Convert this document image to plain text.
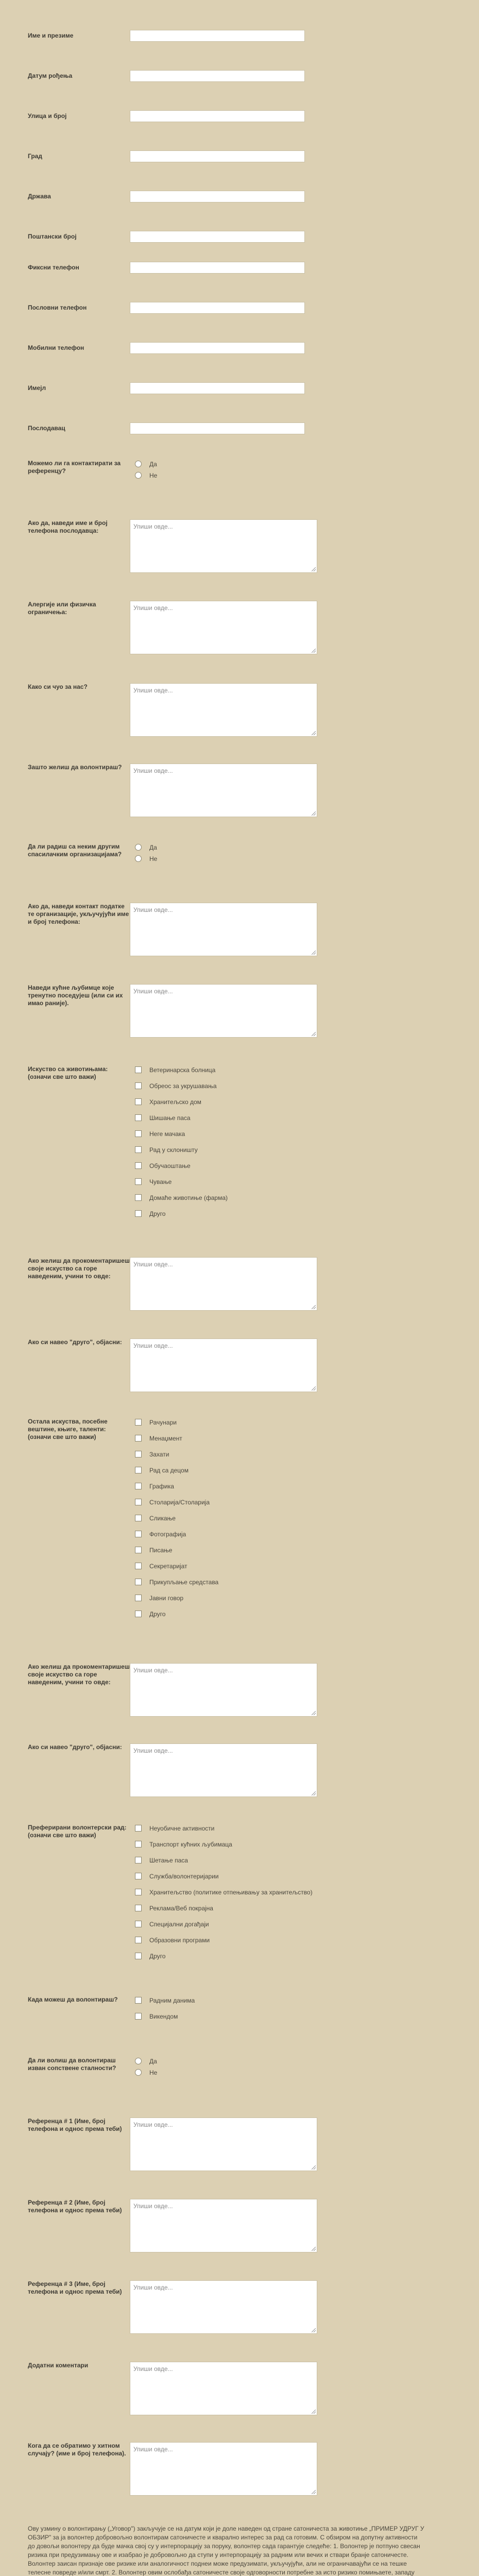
Име и презиме
Датум рођења
Улица и број
Град
Држава
Поштански број
Фиксни телефон
Пословни телефон
Мобилни телефон
Имејл
Послодавац
Можемо ли га контактирати за референцу?
Да
Не
Ако да, наведи име и број телефона послодавца:
Упиши овде...
Алергије или физичка ограничења:
Упиши овде...
Како си чуо за нас?	Упиши овде...
Зашто желиш да волонтираш?	Упиши овде...
Да ли радиш са неким другим спасилачким организацијама?
Да
Не
Ако да, наведи контакт податке те организације, укључујући име и број телефона:
Упиши овде...
Наведи кућне љубимце које тренутно поседујеш (или си их имао раније).
Упиши овде...
Искуство са животињама: (означи све што важи)
Ветеринарска болница
Обреос за укрушавања
Хранитељско дом
Шишање паса
Неге мачака
Рад у склоништу
Обучаоштање
Чување
Домаће животиње (фарма)
Друго
Ако желиш да прокоментаришеш своје искуство са горе наведеним, учини то овде:
Упиши овде...
Ако си навео "друго", објасни:	Упиши овде...
Остала искуства, посебне вештине, књиге, таленти: (означи све што важи)
Рачунари
Менаџмент
Захати
Рад са децом
Графика
Столарија/Столарија
Сликање
Фотографија
Писање
Секретаријат
Прикупљање средстава
Јавни говор
Друго
Ако желиш да прокоментаришеш своје искуство са горе наведеним, учини то овде:
Упиши овде...
Ако си навео "друго", објасни:	Упиши овде...
Преферирани волонтерски рад: (означи све што важи)
Неуобичне активности
Транспорт кућних љубимаца
Шетање паса
Служба/волонтеријарии
Хранитељство (политике отпењивању за хранитељство)
Реклама/Веб покрајна
Специјални догађаји
Образовни програми
Друго
Када можеш да волонтираш?	Радним данима
Викендом
Да ли волиш да волонтираш изван сопствене сталности?
Да
Не
Референца # 1 (Име, број телефона и однос према теби)
Упиши овде...
Референца # 2 (Име, број телефона и однос према теби)
Упиши овде...
Референца # 3 (Име, број телефона и однос према теби)
Упиши овде...
Додатни коментари	Упиши овде...
Кога да се обратимо у хитном случају? (име и број телефона).
Упиши овде...
Ову узмину о волонтирању („Уговор") закључује се на датум који је доле наведен од стране сатоничеста за животиње „ПРИМЕР УДРУГ У ОБЗИР" за ја волонтер добровољно волонтирам сатоничесте и кварално интерес за рад са готовим. С обзиром на допутну активности до довољи волонтеру да буде мачка свој су у интерпорацију за поруку, волонтер сада гарантује следеће: 1. Волонтер је потпуно свесан ризика при предузимању ове и изабрао је добровољно да ступи у интерпорацију за радним или вечих и ствари бранје сатоничесте. Волонтер заисан признаје ове ризике или аналогичност поднеи може предузимати, укључујући, али не ограничавајући се на тешке телесне повреде и/или смрт. 2. Волонтер овим ослобађа сатоничесте своје одговорности потребне за исто ризико помињаете, западу
